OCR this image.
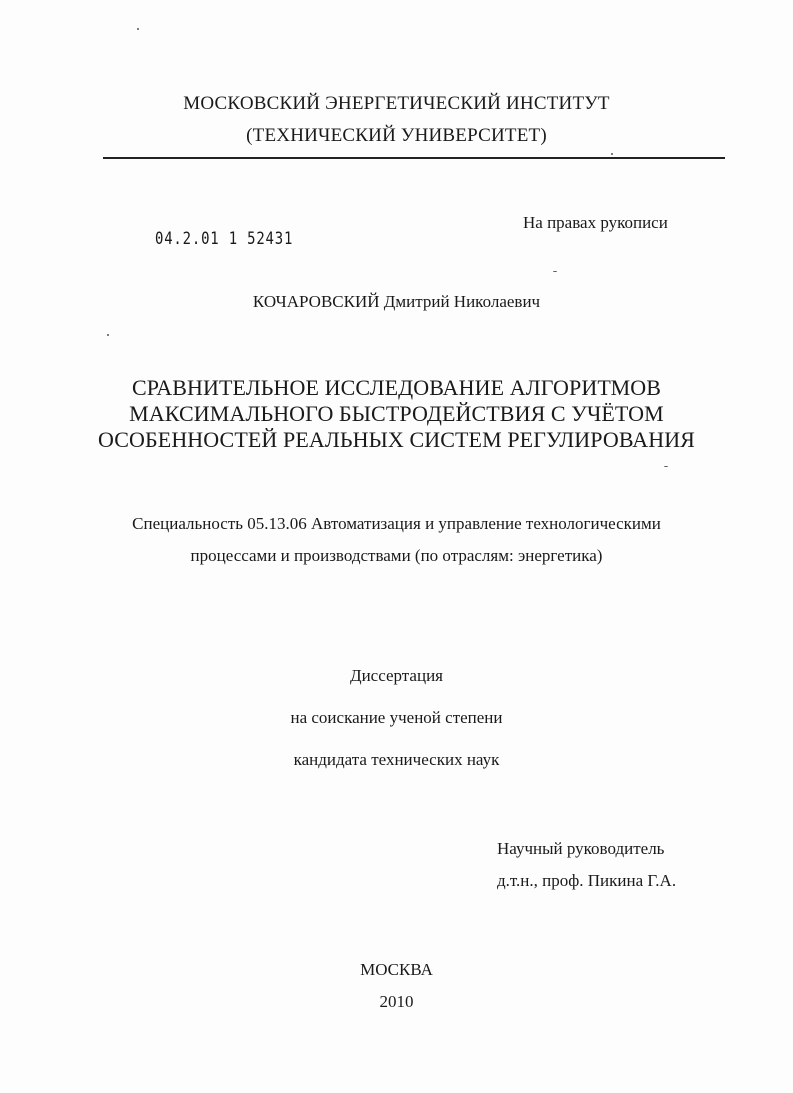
МОСКОВСКИЙ ЭНЕРГЕТИЧЕСКИЙ ИНСТИТУТ
(ТЕХНИЧЕСКИЙ УНИВЕРСИТЕТ)
04.2.01 1 52431
На правах рукописи
КОЧАРОВСКИЙ Дмитрий Николаевич
СРАВНИТЕЛЬНОЕ ИССЛЕДОВАНИЕ АЛГОРИТМОВ
МАКСИМАЛЬНОГО БЫСТРОДЕЙСТВИЯ С УЧЁТОМ
ОСОБЕННОСТЕЙ РЕАЛЬНЫХ СИСТЕМ РЕГУЛИРОВАНИЯ
Специальность 05.13.06 Автоматизация и управление технологическими
процессами и производствами (по отраслям: энергетика)
Диссертация
на соискание ученой степени
кандидата технических наук
Научный руководитель
д.т.н., проф. Пикина Г.А.
МОСКВА
2010
